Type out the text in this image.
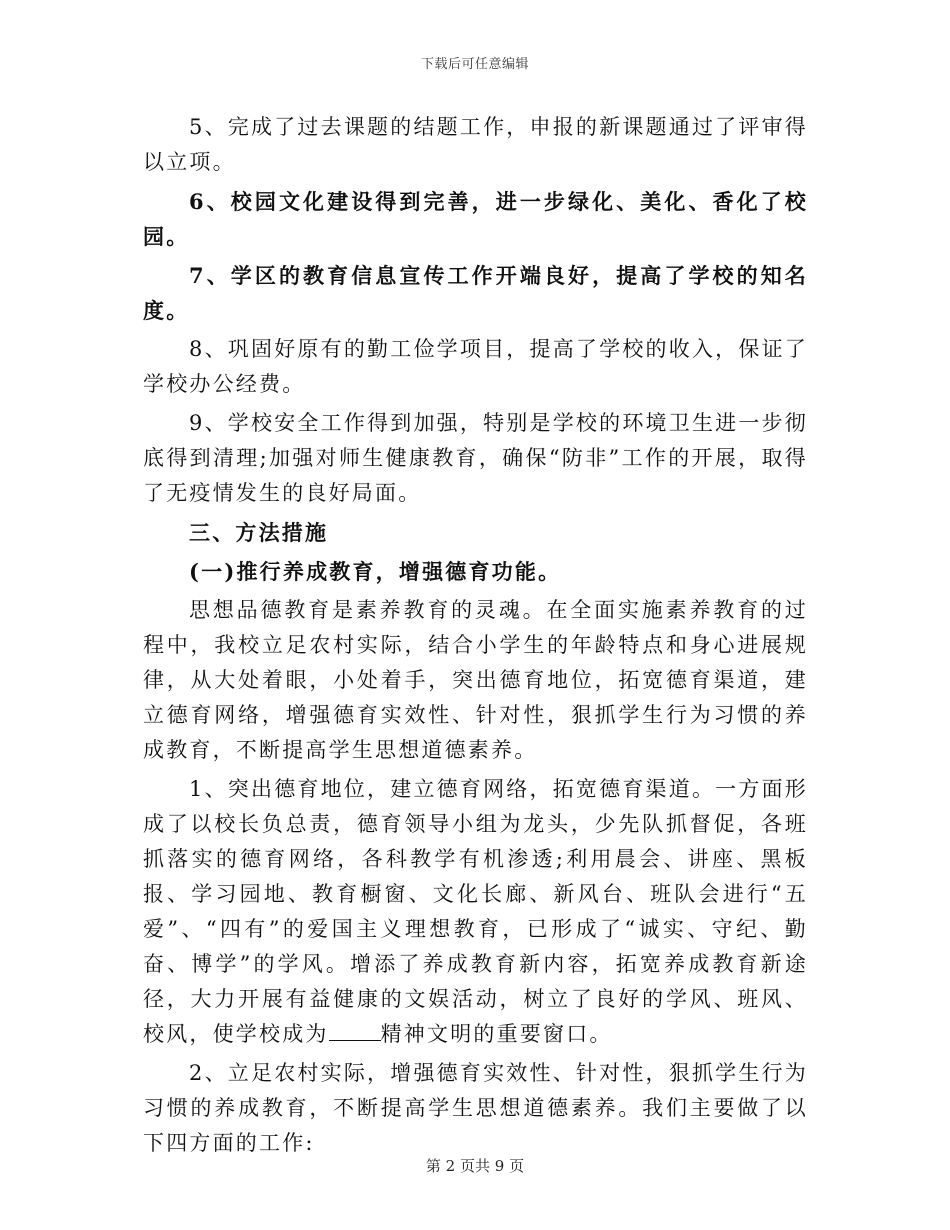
下载后可任意编辑

5、完成了过去课题的结题工作，申报的新课题通过了评审得以立项。

6、校园文化建设得到完善，进一步绿化、美化、香化了校园。

7、学区的教育信息宣传工作开端良好，提高了学校的知名度。

8、巩固好原有的勤工俭学项目，提高了学校的收入，保证了学校办公经费。

9、学校安全工作得到加强，特别是学校的环境卫生进一步彻底得到清理;加强对师生健康教育，确保“防非”工作的开展，取得了无疫情发生的良好局面。

三、方法措施

(一)推行养成教育，增强德育功能。

思想品德教育是素养教育的灵魂。在全面实施素养教育的过程中，我校立足农村实际，结合小学生的年龄特点和身心进展规律，从大处着眼，小处着手，突出德育地位，拓宽德育渠道，建立德育网络，增强德育实效性、针对性，狠抓学生行为习惯的养成教育，不断提高学生思想道德素养。

1、突出德育地位，建立德育网络，拓宽德育渠道。一方面形成了以校长负总责，德育领导小组为龙头，少先队抓督促，各班抓落实的德育网络，各科教学有机渗透;利用晨会、讲座、黑板报、学习园地、教育橱窗、文化长廊、新风台、班队会进行“五爱”、“四有”的爱国主义理想教育，已形成了“诚实、守纪、勤奋、博学”的学风。增添了养成教育新内容，拓宽养成教育新途径，大力开展有益健康的文娱活动，树立了良好的学风、班风、校风，使学校成为 精神文明的重要窗口。

2、立足农村实际，增强德育实效性、针对性，狠抓学生行为习惯的养成教育，不断提高学生思想道德素养。我们主要做了以下四方面的工作:

第 2 页共 9 页
